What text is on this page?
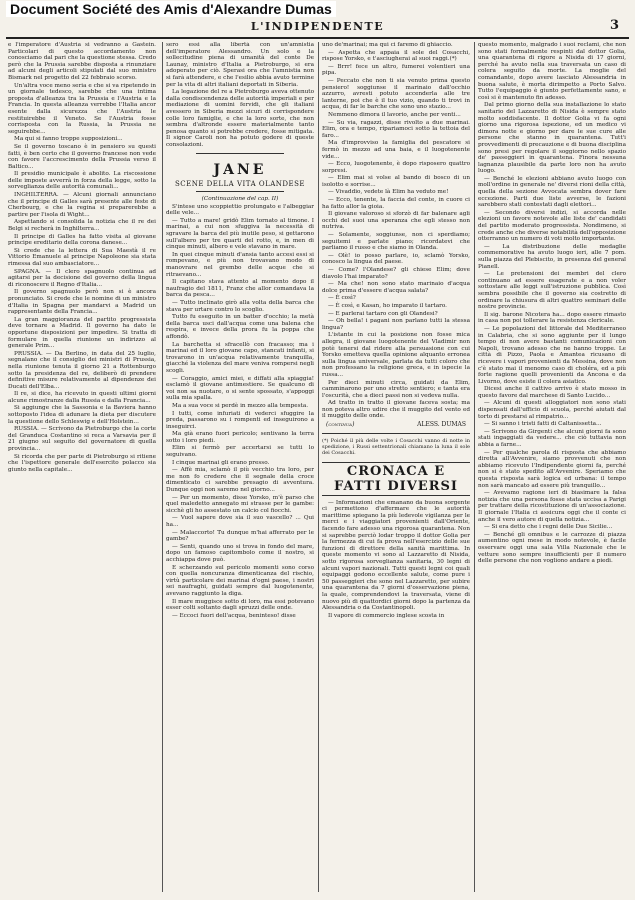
Document Société des Amis d'Alexandre Dumas
L'INDIPENDENTE	3

e l'imperatore d'Austria si vedranno a Gastein. Particolari di questo accordamento non conosciamo dal pari che la questione stessa. Credo però che la Prussia sarebbe disposta a rinunziare ad alcuni degli articoli stipulati dal suo ministro Bismark nel progetto del 22 febbraio scorso.

Un'altra voce meno seria e che si va ripetendo in un giornale tedesco, sarebbe che una intima proposta d'alleanza tra la Prussia e l'Austria e la Francia. In questa alleanza verrebbe l'Italia ancor esente dalla sicurezza che l'Austria le restituirebbe il Veneto. Se l'Austria fosse corrisposta con la Russia, la Prussia ne seguirebbe...

Ma qui si fanno troppe supposizioni...

Se il governo toscano è in pensiero su questi fatti, è ben certo che il governo francese non vede con favore l'accrescimento della Prussia verso il Baltico...

Il presidio municipale è abolito. La riscossione delle imposte avverrà in forza della legge, sotto la sorveglianza delle autorità comunali...

INGHILTERRA. — Alcuni giornali annunciano che il principe di Galles sarà presente alle feste di Cherbourg, e che la regina si preparerebbe a partire per l'isola di Wight...

Aspettando si consolida la notizia che il re dei Belgi si recherà in Inghilterra...

Il principe di Galles ha fatto visita al giovane principe ereditario della corona danese...

Si crede che la lettera di Sua Maestà il re Vittorio Emanuele al principe Napoleone sia stata rimessa dal suo ambasciatore...

SPAGNA. — Il clero spagnuolo continua ad agitarsi per la decisione del governo della lingua di riconoscere il Regno d'Italia...

Il governo spagnuolo però non si è ancora pronunciato. Si crede che le nomine di un ministro d'Italia in Spagna per mandarvi a Madrid un rappresentante della Francia...

La gran maggioranza del partito progressista deve tornare a Madrid. Il governo ha dato le opportune disposizioni per impedire. Si tratta di formulare in quella riunione un indirizzo al generale Prim...

PRUSSIA. — Da Berlino, in data del 25 luglio, segnalano che il consiglio dei ministri di Prussia, nella riunione tenuta il giorno 21 a Rottenburgo sotto la presidenza del re, deliberò di prendere definitive misure relativamente al dipendenze dei Ducati dell'Elba...

Il re, si dice, ha ricevuto in questi ultimi giorni alcune rimostranze dalla Russia e dalla Francia...

Si aggiunge che la Sassonia e la Baviera hanno sottoposto l'idea di adunare la dieta per discutere la questione dello Schleswig e dell'Holstein...

RUSSIA. — Scrivono da Pietroburgo che la corte del Granduca Costantino si reca a Varsavia per il 21 giugno sul seguito del governatore di quella provincia...

Si ricorda che per parte di Pietroburgo si ritiene che l'ispettore generale dell'esercito polacco sia giunto nella capitale...

sero essi alla libertà con un'amnistia dell'imperatore Alessandro. Un solo e la sollecitudine piena di umanità del conte De Launay, ministro d'Italia a Pietroburgo, si era adoperato per ciò. Sperasi ora che l'amnistia non si farà attendere, e che l'esilio abbia avuto termine per la vita di altri italiani deportati in Siberia.

La legazione del re a Pietroburgo aveva ottenuto dalla condiscendenza delle autorità imperiali e per mediazione di uomini fervidi, che gli italiani avessero in Siberia mezzi sicuri di corrispondere colle loro famiglie, e che la loro sorte, che non sembra d'altronde essere materialmente tanto penosa quanto si potrebbe credere, fosse mitigata. Il signor Caroli non ha potuto godere di queste consolazioni.

JANE

SCENE DELLA VITA OLANDESE

(Continuazione del cap. II)

S'intese uno scoppiettio prolungato e l'albeggiar delle vele...

— Tutto a mare! gridò Elim tornato al timone. I marinai, a cui non sfuggiva la necessità di sgravare la barca del più inutile peso, si gettarono sull'albero per tre quarti del rotto, e, in men di cinque minuti, albero e vele stavano in mare.

In quei cinque minuti d'ansia tanto accesi essi si rompevano, e più non trovavano modo di manovrare nel grembo delle acque che si ritraevano...

Il capitano stava attento al momento dopo il naufragio del 1811, Franz che allor comandava la barca da pesca...

— Tutto inclinato girò alla volta della barca che stava per urtare contro lo scoglio.

Tutto fu eseguito in un batter d'occhio; la metà della barca usci dall'acqua come una balena che respira, e invece della prora fu la poppa che affondò.

La barchetta si sfracellò con fracasso; ma i marinai ed il loro giovane capo, stancati infanti, si trovarono in un'acqua relativamente tranquilla, giacché la violenza del mare veniva rompersi negli scogli.

— Coraggio, amici miei, e diffati alla spiaggia! esclamò il giovane antimestiere. Se qualcuno di voi non sa nuotare, o si sente spossato, s'appoggi sulla mia spalla.

Ma a sua voce si perdè in mezzo alla tempesta.

I tutti, come infuriati di vederci sfuggire la preda, passarono su i rompenti ed inseguirono a inseguirci.

Ma già erano fuori pericolo; sentivano la terra sotto i loro piedi.

Elim si fermò per accertarsi se tutti lo seguivano.

I cinque marinai gli erano presso.

— Affè mia, sclamò il più vecchio tra loro, per me non fo credere che il segnale della croce dimenticato ci sarebbe presagio di avventura. Dunque oggi non saremo nel giorno...

— Per un momento, disse Yorsko, m'è parso che quel maledetto annegato mi strasse per le gambe: sicchè gli ho assestato un calcio col fiocchi.

— Vuol sapere dove sia il suo vascello? ... Qui ha...

— Malaccorto! Tu dunque m'hai afferrato per le gambe?

— Senti, quando uno si trova in fondo del mare, dopo un famoso capitombolo come il nostro, si acchiappa dove può.

E scherzando sul pericolo momenti sono corso con quella noncuranza dimenticanza del rischio, virtù particolare dei marinai d'ogni paese, i nostri sei naufraghi, guidati sempre dal luogotenente, avevano raggiunto la diga.

Il mare muggisce sotto di loro, ma essi potevano esser colti soltanto dagli spruzzi delle onde.

— Eccoci fuori dell'acqua, beninteso! disse

uno de'marinai; ma qui ci faremo di ghiaccio.

— Aspetta che appaia il sole del Cosacchi, rispose Yorsko, e t'asciugherai al suoi raggi.(*)

— Brrr! fece un altro, fumerei volentieri una pipa.

— Peccato che non ti sia venuto prima questo pensiero! soggiunse il marinaio dall'occhio azzurro, avresti potuto accenderla alle tre lanterne, poi che è il tuo vizio, quando ti trovi in acqua, di far le barche che sono uno stazio...

Nemmeno dimora il lavorio, anche per venti...

— Su via, ragazzi, disse rivolto a due marinai. Elim, ora e tempo, ripariamoci sotto la tettoia del faro...

Ma d'improvviso la famiglia del pescatore si fermò in mezzo ad una baia, e il luogotenente vide...

— Ecco, luogotenente, è dopo risposero quattro sorpresi.

— Elim mai si volse al bando di bosco di un isolotto e sorrise...

— Vivaddio, vedete là Elim ha veduto me!

— Ecco, tenente, la faccia del conte, in cuore ci ha fatto allor la gioia.

Il giovane valoroso si sforzò di far balenare agli occhi del suoi una speranza che egli stesso non nutriva.

— Solamente, soggiunse, non ci sperdiamo; seguitemi e parlate piano; ricordatevi che parliamo il russo e che siamo in Olanda.

— Olè! io posso parlare, io, sclamò Yorsko, conosco la lingua del paese.

— Come? l'Olandese? gli chiese Elim; dove diavolo l'hai imparato?

— Ma che! non sono stato marinaio d'acqua dolce prima d'essere d'acqua salata?

— È così?

— È così, e Kasan, ho imparato il tartaro.

— E parlerai tartaro con gli Olandesi?

— Oh bella! i pagani non parlano tutti la stessa lingua?

L'istante in cui la posizione non fosse mica allegra, il giovane luogotenente del Vladimir non potè tenersi dal ridere alla persuasione con cui Yorsko emetteva quella opinione alquanto erronea sulla lingua universale, parlata da tutti coloro che non professano la religione greca, e in ispecie la russa...

Per dieci minuti circa, guidati da Elim, camminarono per uno stretto sentiero; e tanta era l'oscurità, che a dieci passi non si vedeva nulla.

Ad tratto in tratto il giovane faceva sosta; ma non poteva altro udire che il muggito del vento ed il muggito delle onde.

(continua)	ALESS. DUMAS

(*) Poiché il più delle volte i Cosacchi vanno di notte in spedizione, i Russi settentrionali chiamano la luna il sole dei Cosacchi.

CRONACA E FATTI DIVERSI

— Informazioni che emanano da buona sorgente ci permettono d'affermare che le autorità marittime spiegano la più ledevole vigilanza per le merci e i viaggiatori provenienti dall'Oriente, facendo fare adesso una rigorosa quarantena. Non si saprebbe perciò lodar troppo il dottor Golia per la fermezza di cui fa prova nell'esercizio delle sue funzioni di direttore della sanità marittima. In queste momento vi sono al Lazzaretto di Nisida, sotto rigorosa sorveglianza sanitaria, 30 legni di alcuni vapori nazionali. Tutti questi legni coi quali equipaggi godono eccellente salute, come pure i 50 passeggieri che sono nel Lazzaretto, per subire una quarantena da 7 giorni d'osservazione piena, la quale, comprendendovi la traversata, viene di nuovo più di quattordici giorni dopo la partenza da Alessandria o da Costantinopoli.

Il vapore di commercio inglese scosta in

questo momento, malgrado i suoi reclami, che non sono stati formalmente respinti dal dottor Golia, una quarantena di rigore a Nisida di 17 giorni, perché ha avuto nella sua traversata un caso di colera seguito da morte. La moglie del comandante, dopo avere lasciato Alessandria in buona salute, è morta dirimpetto a Porto Salvo. Tutto l'equipaggio è giunto perfettamente sano, e così si è mantenuto fin adesso.

Dal primo giorno della sua installazione lo stato sanitario del Lazzaretto di Nisida è sempre stato molto soddisfacente. Il dottor Golia vi fa ogni giorno una rigorosa ispezione, ed un medico vi dimora notte e giorno per dare le sue cure alle persone che stanno in quarantena. Tutt'i provvedimenti di precauzione e di buona disciplina sono presi per regolare il soggiorno nello spazio de' passeggieri in quarantena. Finora nessuna lagnanza plausibile da parte loro non ha avuto luogo.

— Benché le elezioni abbiano avuto luogo con moll'ordine in generale ne' diversi rioni della città, quella della sezione Avvocata sembra dover fare eccezione. Parti due liste avverse, le fazioni sarebbero stati contestati dagli elettori...

— Secondo diversi indizi, si accorda nelle elezioni un favore notevole alle liste de' candidati del partito moderato progressista. Nondimeno, si crede anche che diverse notabilità dell'opposizione otterranno un numero di voti molto importante.

— La distribuzione delle medaglie commemorative ha avuto luogo ieri, alle 7 pom. sulla piazza del Plebiscito, in presenza del general Pianell.

— Le pretensioni dei membri del clero continuano ad essere esagerate e a non voler sottostare alle leggi sull'istruzione pubblica. Così sembra possibile che il governo sia costretto di ordinare la chiusura di altri quattro seminari delle nostre provincie.

Il sig. barone Nicotera ha... dopo essere rimasto in casa non poi tollerare la resistenza clericale.

— Le popolazioni del littorale del Mediterraneo in Calabria, che si sono aggiunte per il lungo tempo di non avere bastanti comunicazioni con Napoli, trovano adesso che ne hanno troppe. Le città di Pizzo, Paola e Amantea ricusano di ricevere i vapori provenienti da Messina, dove non c'è stato mai il menomo caso di choléra, ed a più forte ragione quelli provenienti da Ancona e da Livorno, dove esiste il colera asiatico.

Dicesi anche il cattivo arrivo è stato mosso in questo favore dal marchese di Santo Lucido...

— Alcuni di questi alloggiatori non sono stati dispensati dall'ufficio di scuola, perché aiutati dal torto di prestarsi al rimpatrio...

— Si sanno i tristi fatti di Caltanissetta...

— Scrivono da Girgenti che alcuni giorni fa sono stati ingaggiati da vedere... che ciò tuttavia non abbia a farne...

— Per qualche parola di risposta che abbiamo diretta all'Avvenire, siamo provvenuti che non abbiamo ricevuto l'Indipendente giorni fa, perché non si è stato spedito all'Avvenire. Speriamo che questa risposta sarà logica ed urbana: il tempo non sarà mancato ad essere più tranquillo...

— Avevamo ragione ieri di biasimare la falsa notizia che una persona fosse stata uccisa a Parigi per trattare della ricostituzione di un'associazione. Il giornale l'Italia ci assicura oggi che il conte ci anche il vero autore di quella notizia...

— Si era detto che i regni delle Due Sicilie...

— Benché gli omnibus e le carrozze di piazza aumentino ogni mese in modo notevole, è facile osservare oggi una sala Villa Nazionale che le vetture sono sempre insufficienti per il numero delle persone che non vogliono andare a piedi.
